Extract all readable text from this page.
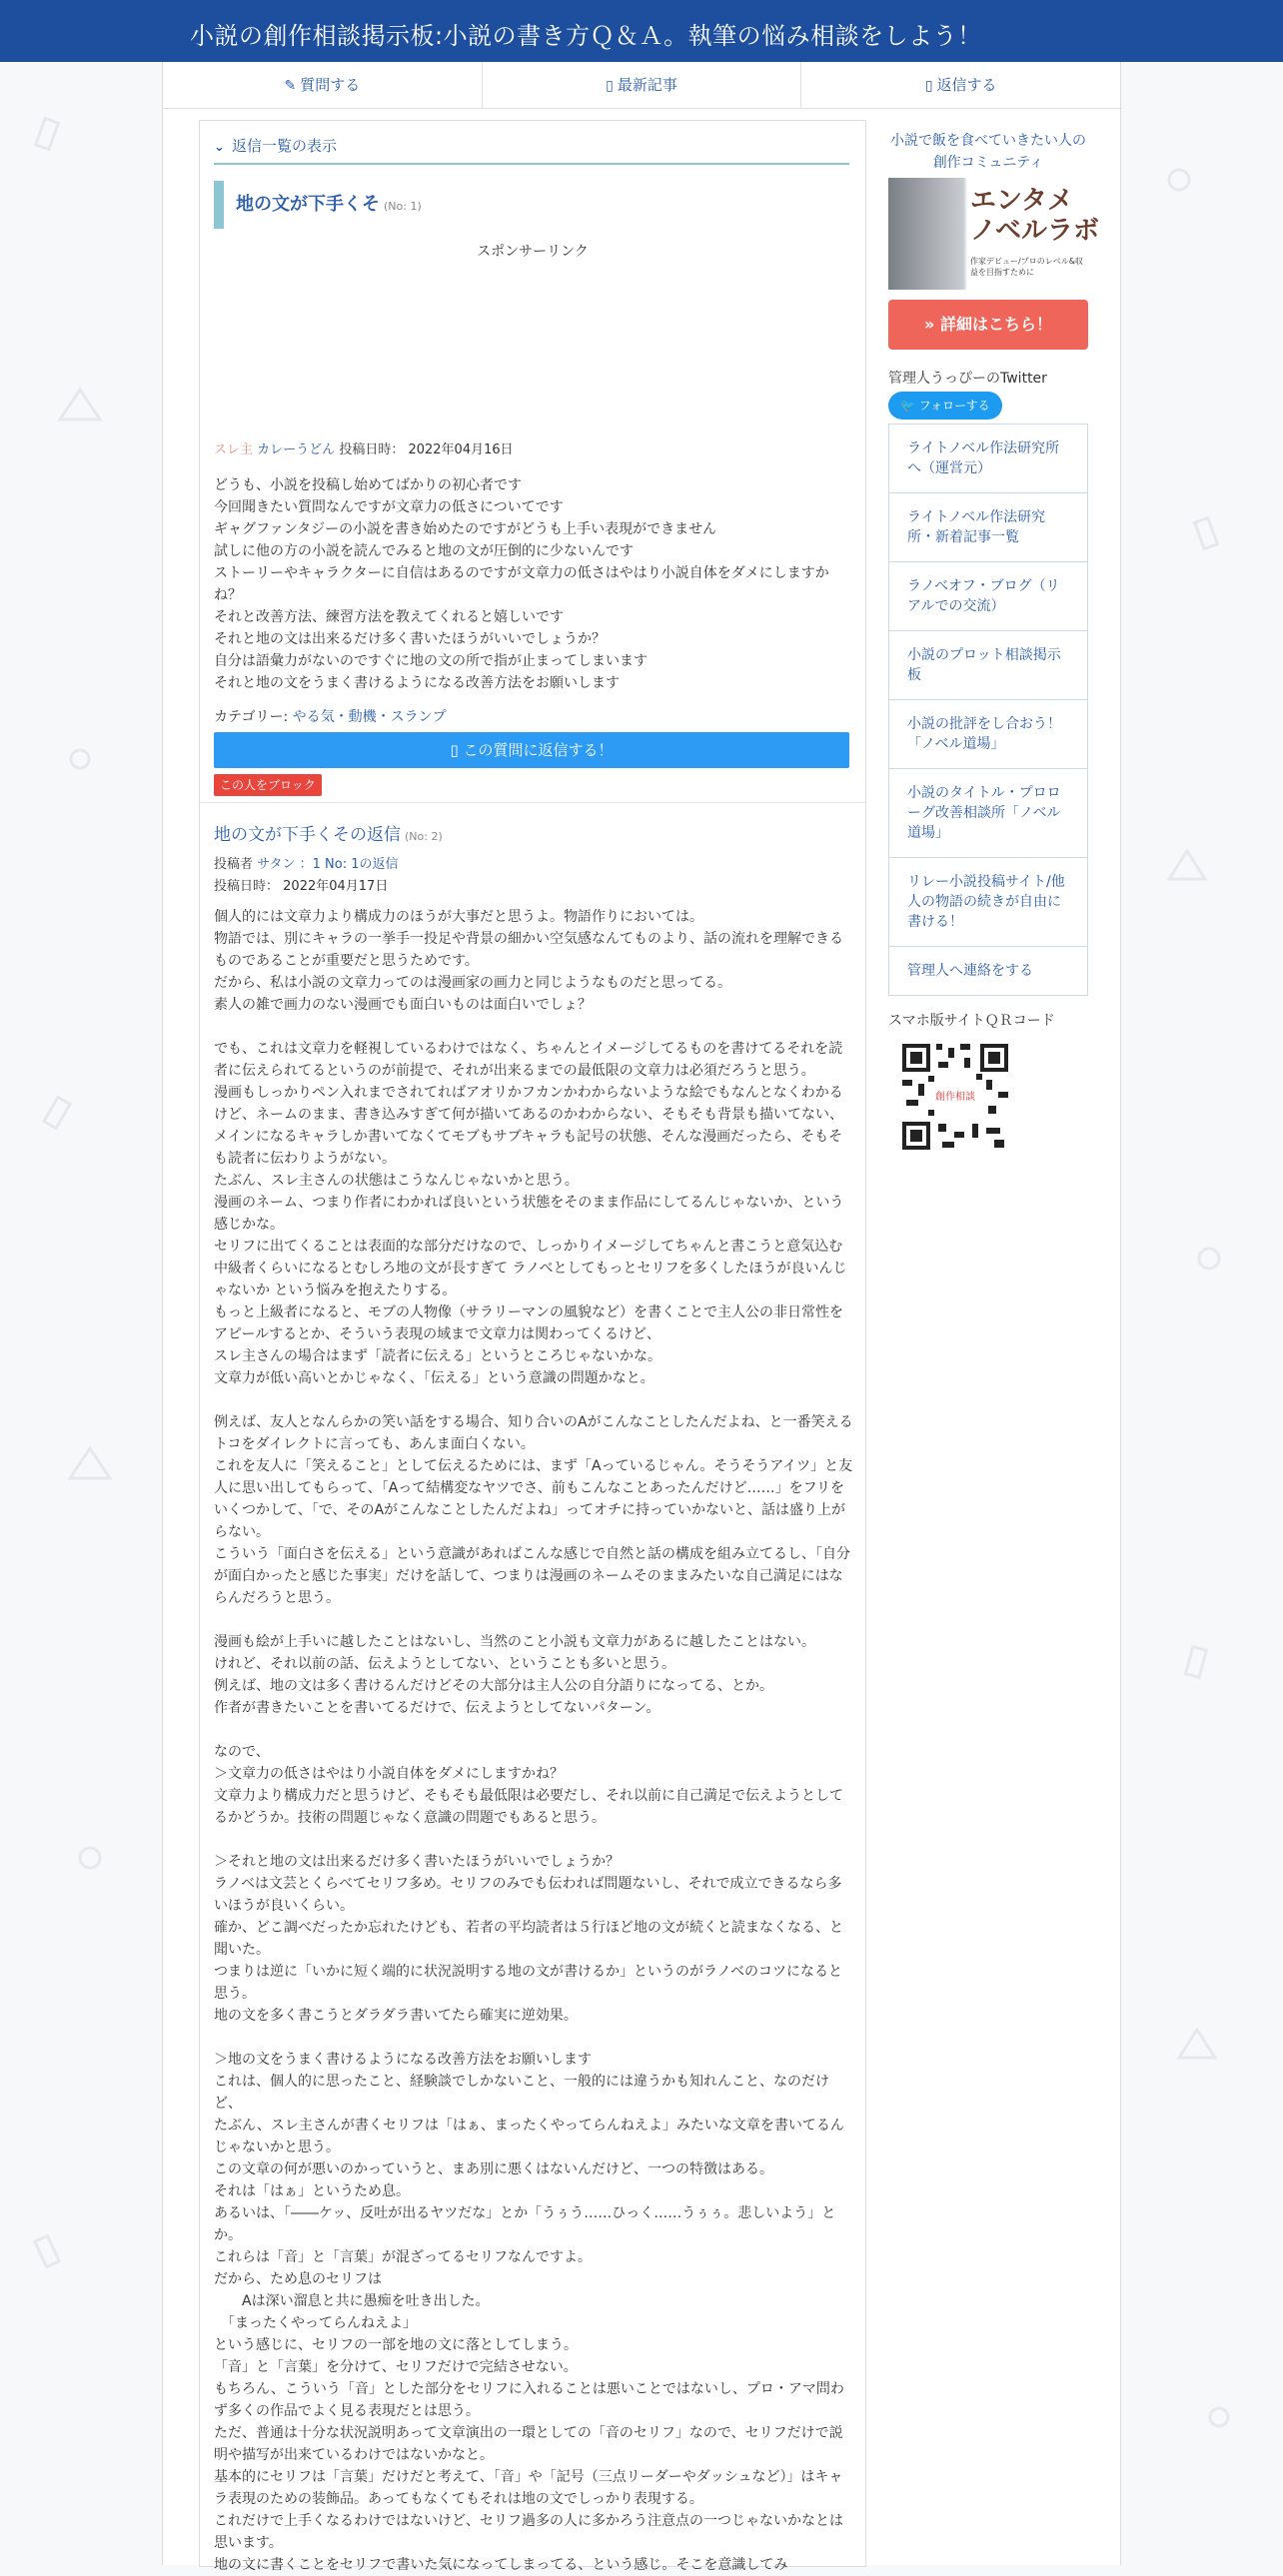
小説の創作相談掲示板:小説の書き方Ｑ＆Ａ。執筆の悩み相談をしよう！
✎ 質問する	▯ 最新記事	▯ 返信する
⌄ 返信一覧の表示
地の文が下手くそ (No: 1)
スポンサーリンク
スレ主 カレーうどん 投稿日時： 2022年04月16日
どうも、小説を投稿し始めてばかりの初心者です
今回聞きたい質問なんですが文章力の低さについてです
ギャグファンタジーの小説を書き始めたのですがどうも上手い表現ができません
試しに他の方の小説を読んでみると地の文が圧倒的に少ないんです
ストーリーやキャラクターに自信はあるのですが文章力の低さはやはり小説自体をダメにしますかね？
それと改善方法、練習方法を教えてくれると嬉しいです
それと地の文は出来るだけ多く書いたほうがいいでしょうか？
自分は語彙力がないのですぐに地の文の所で指が止まってしまいます
それと地の文をうまく書けるようになる改善方法をお願いします
カテゴリー: やる気・動機・スランプ
▯ この質問に返信する！
この人をブロック
地の文が下手くその返信 (No: 2)
投稿者 サタン ：1 No: 1の返信
投稿日時： 2022年04月17日
個人的には文章力より構成力のほうが大事だと思うよ。物語作りにおいては。
物語では、別にキャラの一挙手一投足や背景の細かい空気感なんてものより、話の流れを理解できるものであることが重要だと思うためです。
だから、私は小説の文章力ってのは漫画家の画力と同じようなものだと思ってる。
素人の雑で画力のない漫画でも面白いものは面白いでしょ？

でも、これは文章力を軽視しているわけではなく、ちゃんとイメージしてるものを書けてるそれを読者に伝えられてるというのが前提で、それが出来るまでの最低限の文章力は必須だろうと思う。
漫画もしっかりペン入れまでされてればアオリかフカンかわからないような絵でもなんとなくわかるけど、ネームのまま、書き込みすぎて何が描いてあるのかわからない、そもそも背景も描いてない、メインになるキャラしか書いてなくてモブもサブキャラも記号の状態、そんな漫画だったら、そもそも読者に伝わりようがない。
たぶん、スレ主さんの状態はこうなんじゃないかと思う。
漫画のネーム、つまり作者にわかれば良いという状態をそのまま作品にしてるんじゃないか、という感じかな。
セリフに出てくることは表面的な部分だけなので、しっかりイメージしてちゃんと書こうと意気込む中級者くらいになるとむしろ地の文が長すぎて ラノベとしてもっとセリフを多くしたほうが良いんじゃないか という悩みを抱えたりする。
もっと上級者になると、モブの人物像（サラリーマンの風貌など）を書くことで主人公の非日常性をアピールするとか、そういう表現の域まで文章力は関わってくるけど、
スレ主さんの場合はまず「読者に伝える」というところじゃないかな。
文章力が低い高いとかじゃなく、「伝える」という意識の問題かなと。

例えば、友人となんらかの笑い話をする場合、知り合いのAがこんなことしたんだよね、と一番笑えるトコをダイレクトに言っても、あんま面白くない。
これを友人に「笑えること」として伝えるためには、まず「Aっているじゃん。そうそうアイツ」と友人に思い出してもらって、「Aって結構変なヤツでさ、前もこんなことあったんだけど……」をフリをいくつかして、「で、そのAがこんなことしたんだよね」ってオチに持っていかないと、話は盛り上がらない。
こういう「面白さを伝える」という意識があればこんな感じで自然と話の構成を組み立てるし、「自分が面白かったと感じた事実」だけを話して、つまりは漫画のネームそのままみたいな自己満足にはならんだろうと思う。

漫画も絵が上手いに越したことはないし、当然のこと小説も文章力があるに越したことはない。
けれど、それ以前の話、伝えようとしてない、ということも多いと思う。
例えば、地の文は多く書けるんだけどその大部分は主人公の自分語りになってる、とか。
作者が書きたいことを書いてるだけで、伝えようとしてないパターン。

なので、
＞文章力の低さはやはり小説自体をダメにしますかね？
文章力より構成力だと思うけど、そもそも最低限は必要だし、それ以前に自己満足で伝えようとしてるかどうか。技術の問題じゃなく意識の問題でもあると思う。

＞それと地の文は出来るだけ多く書いたほうがいいでしょうか？
ラノベは文芸とくらべてセリフ多め。セリフのみでも伝われば問題ないし、それで成立できるなら多いほうが良いくらい。
確か、どこ調べだったか忘れたけども、若者の平均読者は５行ほど地の文が続くと読まなくなる、と聞いた。
つまりは逆に「いかに短く端的に状況説明する地の文が書けるか」というのがラノベのコツになると思う。
地の文を多く書こうとダラダラ書いてたら確実に逆効果。

＞地の文をうまく書けるようになる改善方法をお願いします
これは、個人的に思ったこと、経験談でしかないこと、一般的には違うかも知れんこと、なのだけど、
たぶん、スレ主さんが書くセリフは「はぁ、まったくやってらんねえよ」みたいな文章を書いてるんじゃないかと思う。
この文章の何が悪いのかっていうと、まあ別に悪くはないんだけど、一つの特徴はある。
それは「はぁ」というため息。
あるいは、「――ケッ、反吐が出るヤツだな」とか「うぅう……ひっく……うぅぅ。悲しいよう」とか。
これらは「音」と「言葉」が混ざってるセリフなんですよ。
だから、ため息のセリフは
　　Aは深い溜息と共に愚痴を吐き出した。
　「まったくやってらんねえよ」
という感じに、セリフの一部を地の文に落としてしまう。
「音」と「言葉」を分けて、セリフだけで完結させない。
もちろん、こういう「音」とした部分をセリフに入れることは悪いことではないし、プロ・アマ問わず多くの作品でよく見る表現だとは思う。
ただ、普通は十分な状況説明あって文章演出の一環としての「音のセリフ」なので、セリフだけで説明や描写が出来ているわけではないかなと。
基本的にセリフは「言葉」だけだと考えて、「音」や「記号（三点リーダーやダッシュなど）」はキャラ表現のための装飾品。あってもなくてもそれは地の文でしっかり表現する。
これだけで上手くなるわけではないけど、セリフ過多の人に多かろう注意点の一つじゃないかなとは思います。
地の文に書くことをセリフで書いた気になってしまってる、という感じ。そこを意識してみ
小説で飯を食べていきたい人の創作コミュニティ
エンタメ
ノベルラボ
作家デビュー/プロのレベル&収益を目指すために
» 詳細はこちら！
管理人うっぴーのTwitter
🐦 フォローする
ライトノベル作法研究所へ（運営元）
ライトノベル作法研究所・新着記事一覧
ラノベオフ・ブログ（リアルでの交流）
小説のプロット相談掲示板
小説の批評をし合おう！「ノベル道場」
小説のタイトル・プロローグ改善相談所「ノベル道場」
リレー小説投稿サイト/他人の物語の続きが自由に書ける！
管理人へ連絡をする
スマホ版サイトＱＲコード
創作相談
